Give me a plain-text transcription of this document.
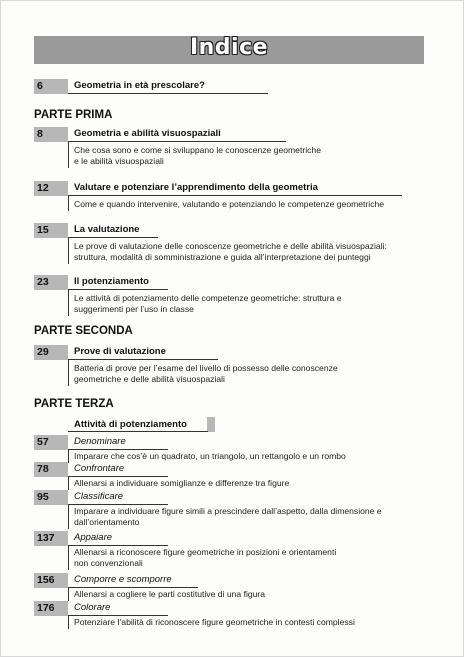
Indice
6	Geometria in età prescolare?
PARTE PRIMA
8	Geometria e abilità visuospaziali
Che cosa sono e come si sviluppano le conoscenze geometriche
e le abilità visuospaziali
12	Valutare e potenziare l’apprendimento della geometria
Come e quando intervenire, valutando e potenziando le competenze geometriche
15	La valutazione
Le prove di valutazione delle conoscenze geometriche e delle abilità visuospaziali:
struttura, modalità di somministrazione e guida all’interpretazione dei punteggi
23	Il potenziamento
Le attività di potenziamento delle competenze geometriche: struttura e
suggerimenti per l’uso in classe
PARTE SECONDA
29	Prove di valutazione
Batteria di prove per l’esame del livello di possesso delle conoscenze
geometriche e delle abilità visuospaziali
PARTE TERZA
Attività di potenziamento
57	Denominare
Imparare che cos’è un quadrato, un triangolo, un rettangolo e un rombo
78	Confrontare
Allenarsi a individuare somiglianze e differenze tra figure
95	Classificare
Imparare a individuare figure simili a prescindere dall’aspetto, dalla dimensione e
dall’orientamento
137	Appaiare
Allenarsi a riconoscere figure geometriche in posizioni e orientamenti
non convenzionali
156	Comporre e scomporre
Allenarsi a cogliere le parti costitutive di una figura
176	Colorare
Potenziare l’abilità di riconoscere figure geometriche in contesti complessi
